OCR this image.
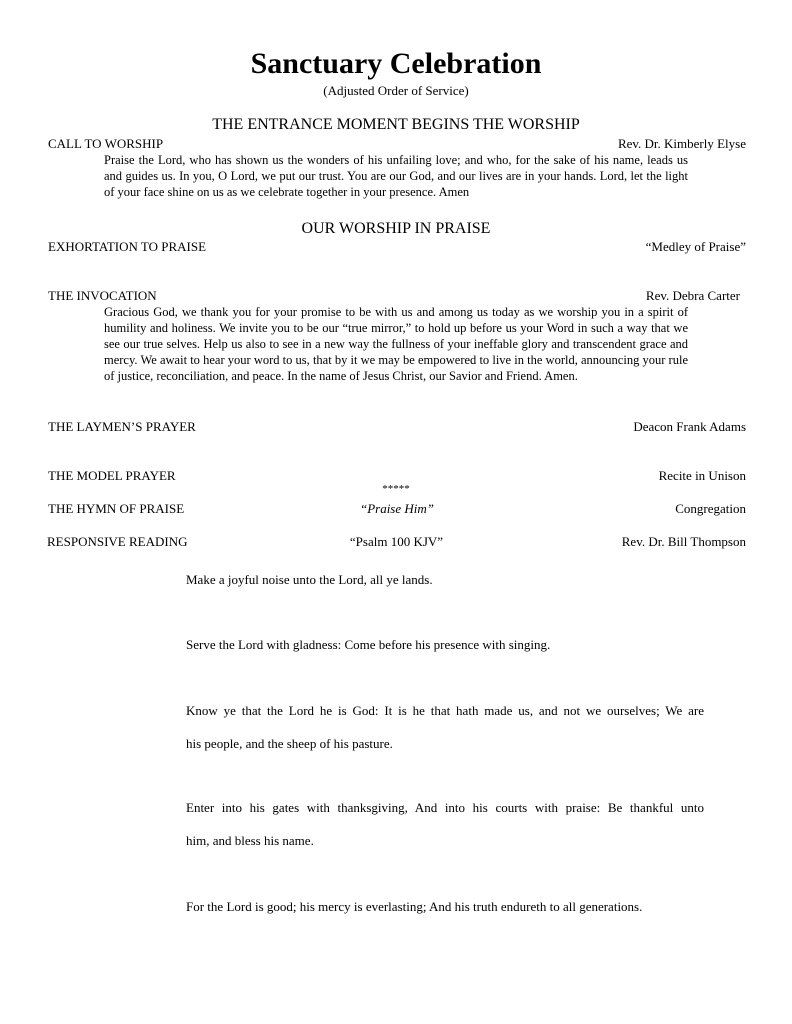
Sanctuary Celebration
(Adjusted Order of Service)
THE ENTRANCE MOMENT BEGINS THE WORSHIP
CALL TO WORSHIP	Rev. Dr. Kimberly Elyse
Praise the Lord, who has shown us the wonders of his unfailing love; and who, for the sake of his name, leads us and guides us. In you, O Lord, we put our trust. You are our God, and our lives are in your hands. Lord, let the light of your face shine on us as we celebrate together in your presence. Amen
OUR WORSHIP IN PRAISE
EXHORTATION TO PRAISE	“Medley of Praise”
THE INVOCATION	Rev. Debra Carter
Gracious God, we thank you for your promise to be with us and among us today as we worship you in a spirit of humility and holiness. We invite you to be our “true mirror,” to hold up before us your Word in such a way that we see our true selves. Help us also to see in a new way the fullness of your ineffable glory and transcendent grace and mercy. We await to hear your word to us, that by it we may be empowered to live in the world, announcing your rule of justice, reconciliation, and peace. In the name of Jesus Christ, our Savior and Friend. Amen.
THE LAYMEN’S PRAYER	Deacon Frank Adams
THE MODEL PRAYER	Recite in Unison
*****
THE HYMN OF PRAISE	“Praise Him”	Congregation
RESPONSIVE READING	“Psalm 100 KJV”	Rev. Dr. Bill Thompson
Make a joyful noise unto the Lord, all ye lands.
Serve the Lord with gladness: Come before his presence with singing.
Know ye that the Lord he is God: It is he that hath made us, and not we ourselves; We are
his people, and the sheep of his pasture.
Enter into his gates with thanksgiving, And into his courts with praise: Be thankful unto
him, and bless his name.
For the Lord is good; his mercy is everlasting; And his truth endureth to all generations.
